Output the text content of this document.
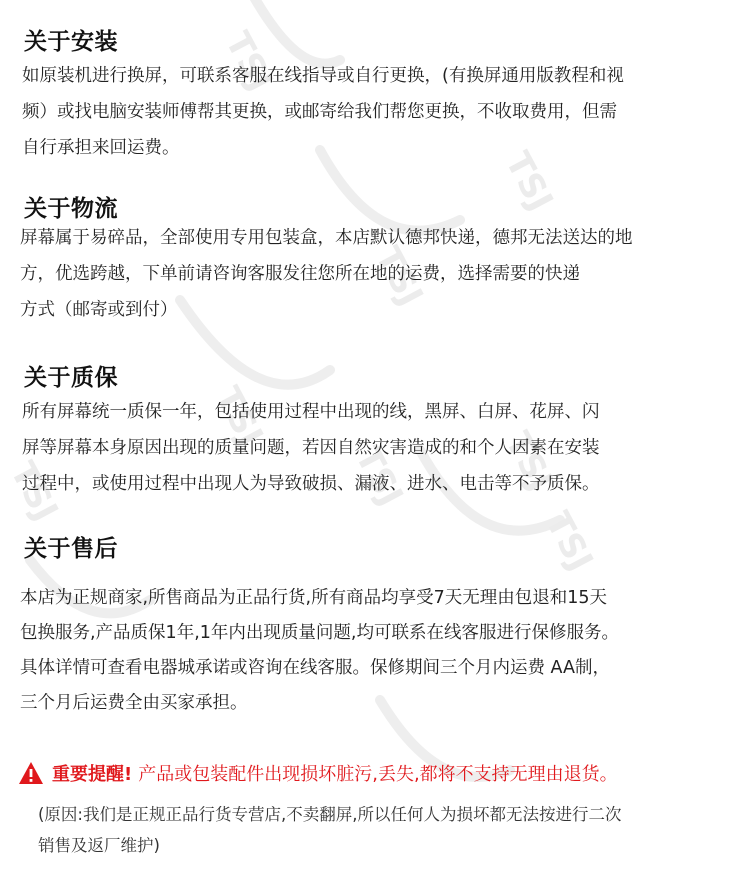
TSJ
TSJ
TSJ
TSJ
TSJ
TSJ
TSJ
TSJ
关于安装
如原装机进行换屏，可联系客服在线指导或自行更换，(有换屏通用版教程和视
频）或找电脑安装师傅帮其更换，或邮寄给我们帮您更换，不收取费用，但需
自行承担来回运费。
关于物流
屏幕属于易碎品，全部使用专用包装盒，本店默认德邦快递，德邦无法送达的地
方，优选跨越，下单前请咨询客服发往您所在地的运费，选择需要的快递
方式（邮寄或到付）
关于质保
所有屏幕统一质保一年，包括使用过程中出现的线，黑屏、白屏、花屏、闪
屏等屏幕本身原因出现的质量问题，若因自然灾害造成的和个人因素在安装
过程中，或使用过程中出现人为导致破损、漏液、进水、电击等不予质保。
关于售后
本店为正规商家,所售商品为正品行货,所有商品均享受7天无理由包退和15天
包换服务,产品质保1年,1年内出现质量问题,均可联系在线客服进行保修服务。
具体详情可查看电器城承诺或咨询在线客服。保修期间三个月内运费 AA制，
三个月后运费全由买家承担。
重要提醒! 产品或包装配件出现损坏脏污,丢失,都将不支持无理由退货。
(原因:我们是正规正品行货专营店,不卖翻屏,所以任何人为损坏都无法按进行二次
销售及返厂维护)
